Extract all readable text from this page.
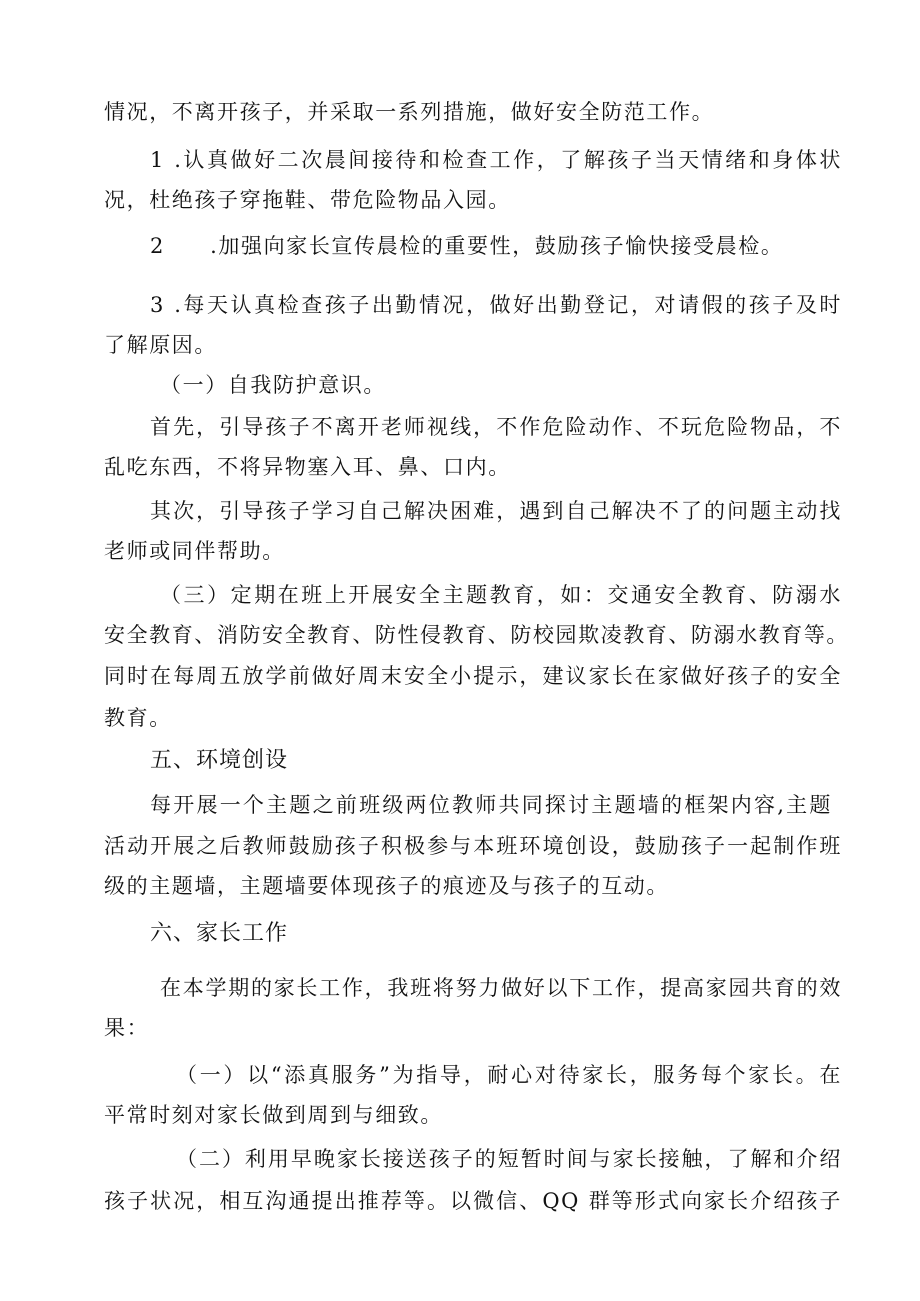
情况，不离开孩子，并采取一系列措施，做好安全防范工作。
1 .认真做好二次晨间接待和检查工作，了解孩子当天情绪和身体状
况，杜绝孩子穿拖鞋、带危险物品入园。
2　　.加强向家长宣传晨检的重要性，鼓励孩子愉快接受晨检。
3 .每天认真检查孩子出勤情况，做好出勤登记，对请假的孩子及时
了解原因。
（一）自我防护意识。
首先，引导孩子不离开老师视线，不作危险动作、不玩危险物品，不
乱吃东西，不将异物塞入耳、鼻、口内。
其次，引导孩子学习自己解决困难，遇到自己解决不了的问题主动找
老师或同伴帮助。
（三）定期在班上开展安全主题教育，如：交通安全教育、防溺水
安全教育、消防安全教育、防性侵教育、防校园欺凌教育、防溺水教育等。
同时在每周五放学前做好周末安全小提示，建议家长在家做好孩子的安全
教育。
五、环境创设
每开展一个主题之前班级两位教师共同探讨主题墙的框架内容,主题
活动开展之后教师鼓励孩子积极参与本班环境创设，鼓励孩子一起制作班
级的主题墙，主题墙要体现孩子的痕迹及与孩子的互动。
六、家长工作
在本学期的家长工作，我班将努力做好以下工作，提高家园共育的效
果：
（一）以“添真服务”为指导，耐心对待家长，服务每个家长。在
平常时刻对家长做到周到与细致。
（二）利用早晚家长接送孩子的短暂时间与家长接触，了解和介绍
孩子状况，相互沟通提出推荐等。以微信、QQ 群等形式向家长介绍孩子
